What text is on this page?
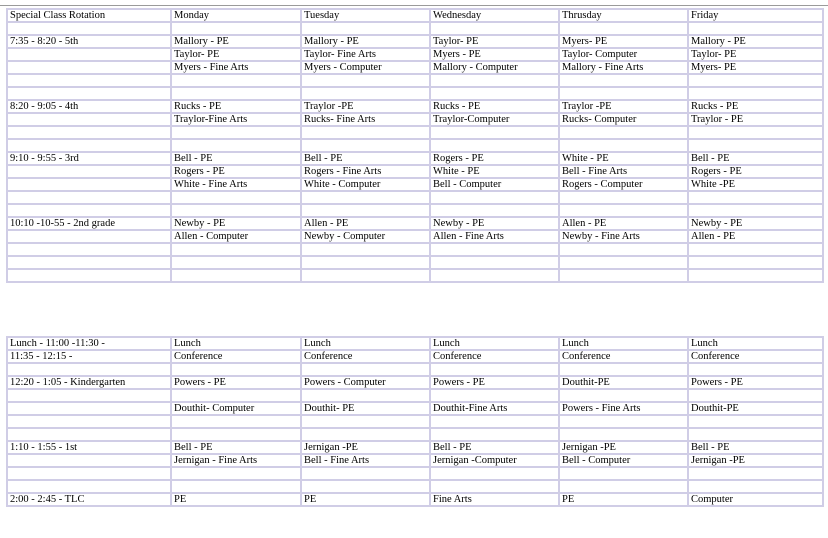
Special Class Rotation	Monday	Tuesday	Wednesday	Thrusday	Friday

7:35 - 8:20 - 5th	Mallory - PE	Mallory - PE	Taylor- PE	Myers- PE	Mallory - PE
	Taylor- PE	Taylor- Fine Arts	Myers - PE	Taylor- Computer	Taylor- PE
	Myers - Fine Arts	Myers - Computer	Mallory - Computer	Mallory - Fine Arts	Myers- PE

8:20 - 9:05 - 4th	Rucks - PE	Traylor -PE	Rucks - PE	Traylor -PE	Rucks - PE
	Traylor-Fine Arts	Rucks- Fine Arts	Traylor-Computer	Rucks- Computer	Traylor - PE

9:10 - 9:55 - 3rd	Bell - PE	Bell - PE	Rogers - PE	White - PE	Bell - PE
	Rogers - PE	Rogers - Fine Arts	White - PE	Bell - Fine Arts	Rogers - PE
	White - Fine Arts	White - Computer	Bell - Computer	Rogers - Computer	White -PE

10:10 -10-55 - 2nd grade	Newby - PE	Allen - PE	Newby - PE	Allen - PE	Newby - PE
	Allen - Computer	Newby - Computer	Allen - Fine Arts	Newby - Fine Arts	Allen - PE

Lunch - 11:00 -11:30 -	Lunch	Lunch	Lunch	Lunch	Lunch
11:35 - 12:15 -	Conference	Conference	Conference	Conference	Conference

12:20 - 1:05 - Kindergarten	Powers - PE	Powers - Computer	Powers - PE	Douthit-PE	Powers - PE

	Douthit- Computer	Douthit- PE	Douthit-Fine Arts	Powers - Fine Arts	Douthit-PE

1:10 - 1:55 - 1st	Bell - PE	Jernigan -PE	Bell - PE	Jernigan -PE	Bell - PE
	Jernigan - Fine Arts	Bell - Fine Arts	Jernigan -Computer	Bell - Computer	Jernigan -PE

2:00 - 2:45 - TLC	PE	PE	Fine Arts	PE	Computer
